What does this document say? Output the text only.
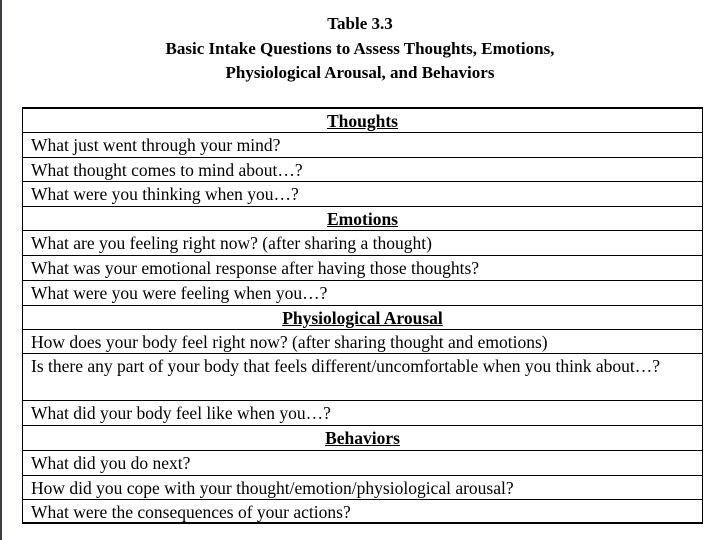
Table 3.3
Basic Intake Questions to Assess Thoughts, Emotions,
Physiological Arousal, and Behaviors
Thoughts
What just went through your mind?
What thought comes to mind about…?
What were you thinking when you…?
Emotions
What are you feeling right now? (after sharing a thought)
What was your emotional response after having those thoughts?
What were you were feeling when you…?
Physiological Arousal
How does your body feel right now? (after sharing thought and emotions)
Is there any part of your body that feels different/uncomfortable when you think about…?
What did your body feel like when you…?
Behaviors
What did you do next?
How did you cope with your thought/emotion/physiological arousal?
What were the consequences of your actions?
